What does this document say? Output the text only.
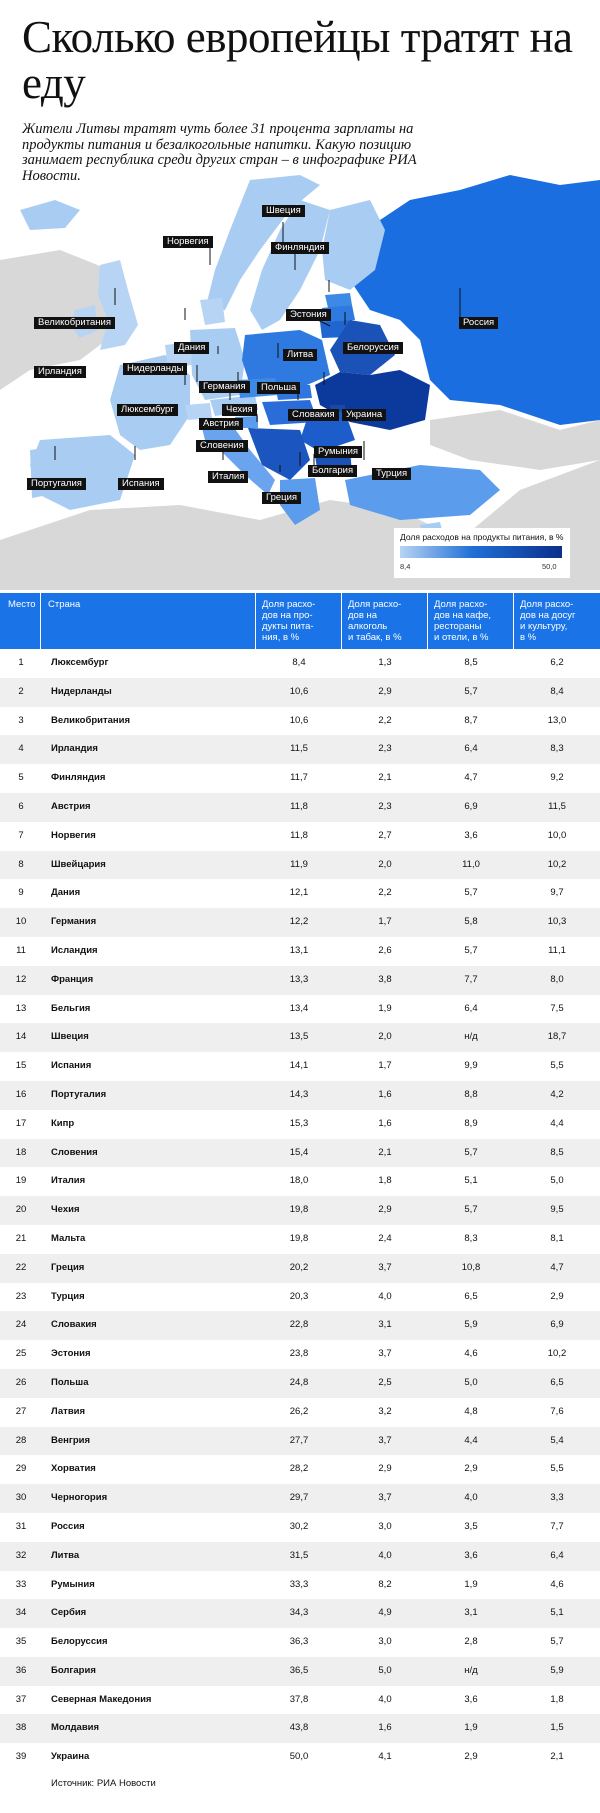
Сколько европейцы тратят на еду
Жители Литвы тратят чуть более 31 процента зарплаты на продукты питания и безалкогольные напитки. Какую позицию занимает республика среди других стран – в инфографике РИА Новости.
Швеция
Норвегия
Финляндия
Эстония
Россия
Великобритания
Дания	Белоруссия
Литва
Ирландия	Нидерланды
Германия	Польша
Люксембург	Чехия	Словакия	Украина
Австрия
Словения
Румыния
Италия
Болгария	Турция
Португалия	Испания
Греция
Доля расходов на продукты питания, в %
8,4	50,0
Место Страна	Доля расхо-
дов на про-
дукты пита-
ния, в %
Доля расхо-
дов на
алкоголь
и табак, в %
Доля расхо-
дов на кафе,
рестораны
и отели, в %
Доля расхо-
дов на досуг
и культуру,
в %
1	Люксембург	8,4	1,3	8,5	6,2
2	Нидерланды	10,6	2,9	5,7	8,4
3	Великобритания	10,6	2,2	8,7	13,0
4	Ирландия	11,5	2,3	6,4	8,3
5	Финляндия	11,7	2,1	4,7	9,2
6	Австрия	11,8	2,3	6,9	11,5
7	Норвегия	11,8	2,7	3,6	10,0
8	Швейцария	11,9	2,0	11,0	10,2
9	Дания	12,1	2,2	5,7	9,7
10	Германия	12,2	1,7	5,8	10,3
11	Исландия	13,1	2,6	5,7	11,1
12	Франция	13,3	3,8	7,7	8,0
13	Бельгия	13,4	1,9	6,4	7,5
14	Швеция	13,5	2,0	н/д	18,7
15	Испания	14,1	1,7	9,9	5,5
16	Португалия	14,3	1,6	8,8	4,2
17	Кипр	15,3	1,6	8,9	4,4
18	Словения	15,4	2,1	5,7	8,5
19	Италия	18,0	1,8	5,1	5,0
20	Чехия	19,8	2,9	5,7	9,5
21	Мальта	19,8	2,4	8,3	8,1
22	Греция	20,2	3,7	10,8	4,7
23	Турция	20,3	4,0	6,5	2,9
24	Словакия	22,8	3,1	5,9	6,9
25	Эстония	23,8	3,7	4,6	10,2
26	Польша	24,8	2,5	5,0	6,5
27	Латвия	26,2	3,2	4,8	7,6
28	Венгрия	27,7	3,7	4,4	5,4
29	Хорватия	28,2	2,9	2,9	5,5
30	Черногория	29,7	3,7	4,0	3,3
31	Россия	30,2	3,0	3,5	7,7
32	Литва	31,5	4,0	3,6	6,4
33	Румыния	33,3	8,2	1,9	4,6
34	Сербия	34,3	4,9	3,1	5,1
35	Белоруссия	36,3	3,0	2,8	5,7
36	Болгария	36,5	5,0	н/д	5,9
37	Северная Македония	37,8	4,0	3,6	1,8
38	Молдавия	43,8	1,6	1,9	1,5
39	Украина	50,0	4,1	2,9	2,1
Источник: РИА Новости
